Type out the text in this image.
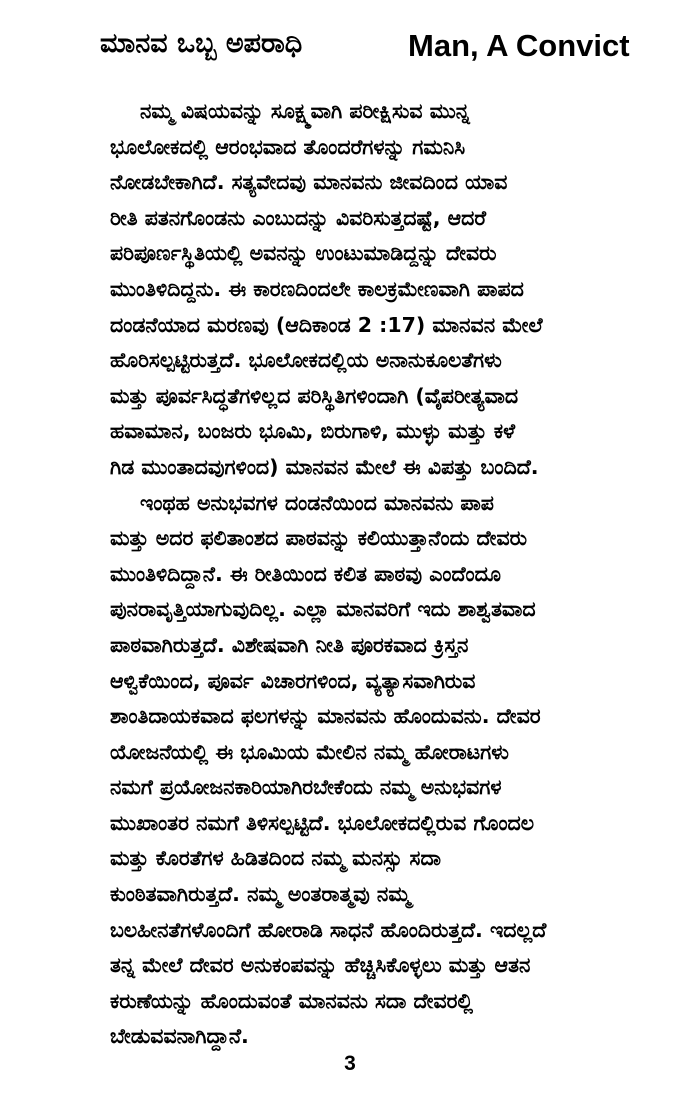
ಮಾನವ ಒಬ್ಬ ಅಪರಾಧಿ	Man, A Convict
ನಮ್ಮ ವಿಷಯವನ್ನು ಸೂಕ್ಷ್ಮವಾಗಿ ಪರೀಕ್ಷಿಸುವ ಮುನ್ನ
ಭೂಲೋಕದಲ್ಲಿ ಆರಂಭವಾದ ತೊಂದರೆಗಳನ್ನು ಗಮನಿಸಿ
ನೋಡಬೇಕಾಗಿದೆ. ಸತ್ಯವೇದವು ಮಾನವನು ಜೀವದಿಂದ ಯಾವ
ರೀತಿ ಪತನಗೊಂಡನು ಎಂಬುದನ್ನು ವಿವರಿಸುತ್ತದಷ್ಟೆ, ಆದರೆ
ಪರಿಪೂರ್ಣಸ್ಥಿತಿಯಲ್ಲಿ ಅವನನ್ನು ಉಂಟುಮಾಡಿದ್ದನ್ನು ದೇವರು
ಮುಂತಿಳಿದಿದ್ದನು. ಈ ಕಾರಣದಿಂದಲೇ ಕಾಲಕ್ರಮೇಣವಾಗಿ ಪಾಪದ
ದಂಡನೆಯಾದ ಮರಣವು (ಆದಿಕಾಂಡ 2 :17) ಮಾನವನ ಮೇಲೆ
ಹೊರಿಸಲ್ಪಟ್ಟಿರುತ್ತದೆ. ಭೂಲೋಕದಲ್ಲಿಯ ಅನಾನುಕೂಲತೆಗಳು
ಮತ್ತು ಪೂರ್ವಸಿದ್ಧತೆಗಳಿಲ್ಲದ ಪರಿಸ್ಥಿತಿಗಳಿಂದಾಗಿ (ವೈಪರೀತ್ಯವಾದ
ಹವಾಮಾನ, ಬಂಜರು ಭೂಮಿ, ಬಿರುಗಾಳಿ, ಮುಳ್ಳು ಮತ್ತು ಕಳೆ
ಗಿಡ ಮುಂತಾದವುಗಳಿಂದ) ಮಾನವನ ಮೇಲೆ ಈ ವಿಪತ್ತು ಬಂದಿದೆ.
ಇಂಥಹ ಅನುಭವಗಳ ದಂಡನೆಯಿಂದ ಮಾನವನು ಪಾಪ
ಮತ್ತು ಅದರ ಫಲಿತಾಂಶದ ಪಾಠವನ್ನು ಕಲಿಯುತ್ತಾನೆಂದು ದೇವರು
ಮುಂತಿಳಿದಿದ್ದಾನೆ. ಈ ರೀತಿಯಿಂದ ಕಲಿತ ಪಾಠವು ಎಂದೆಂದೂ
ಪುನರಾವೃತ್ತಿಯಾಗುವುದಿಲ್ಲ. ಎಲ್ಲಾ ಮಾನವರಿಗೆ ಇದು ಶಾಶ್ವತವಾದ
ಪಾಠವಾಗಿರುತ್ತದೆ. ವಿಶೇಷವಾಗಿ ನೀತಿ ಪೂರಕವಾದ ಕ್ರಿಸ್ತನ
ಆಳ್ವಿಕೆಯಿಂದ, ಪೂರ್ವ ವಿಚಾರಗಳಿಂದ, ವ್ಯತ್ಯಾಸವಾಗಿರುವ
ಶಾಂತಿದಾಯಕವಾದ ಫಲಗಳನ್ನು ಮಾನವನು ಹೊಂದುವನು. ದೇವರ
ಯೋಜನೆಯಲ್ಲಿ ಈ ಭೂಮಿಯ ಮೇಲಿನ ನಮ್ಮ ಹೋರಾಟಗಳು
ನಮಗೆ ಪ್ರಯೋಜನಕಾರಿಯಾಗಿರಬೇಕೆಂದು ನಮ್ಮ ಅನುಭವಗಳ
ಮುಖಾಂತರ ನಮಗೆ ತಿಳಿಸಲ್ಪಟ್ಟಿದೆ. ಭೂಲೋಕದಲ್ಲಿರುವ ಗೊಂದಲ
ಮತ್ತು ಕೊರತೆಗಳ ಹಿಡಿತದಿಂದ ನಮ್ಮ ಮನಸ್ಸು ಸದಾ
ಕುಂಠಿತವಾಗಿರುತ್ತದೆ. ನಮ್ಮ ಅಂತರಾತ್ಮವು ನಮ್ಮ
ಬಲಹೀನತೆಗಳೊಂದಿಗೆ ಹೋರಾಡಿ ಸಾಧನೆ ಹೊಂದಿರುತ್ತದೆ. ಇದಲ್ಲದೆ
ತನ್ನ ಮೇಲೆ ದೇವರ ಅನುಕಂಪವನ್ನು ಹೆಚ್ಚಿಸಿಕೊಳ್ಳಲು ಮತ್ತು ಆತನ
ಕರುಣೆಯನ್ನು ಹೊಂದುವಂತೆ ಮಾನವನು ಸದಾ ದೇವರಲ್ಲಿ
ಬೇಡುವವನಾಗಿದ್ದಾನೆ.
3
